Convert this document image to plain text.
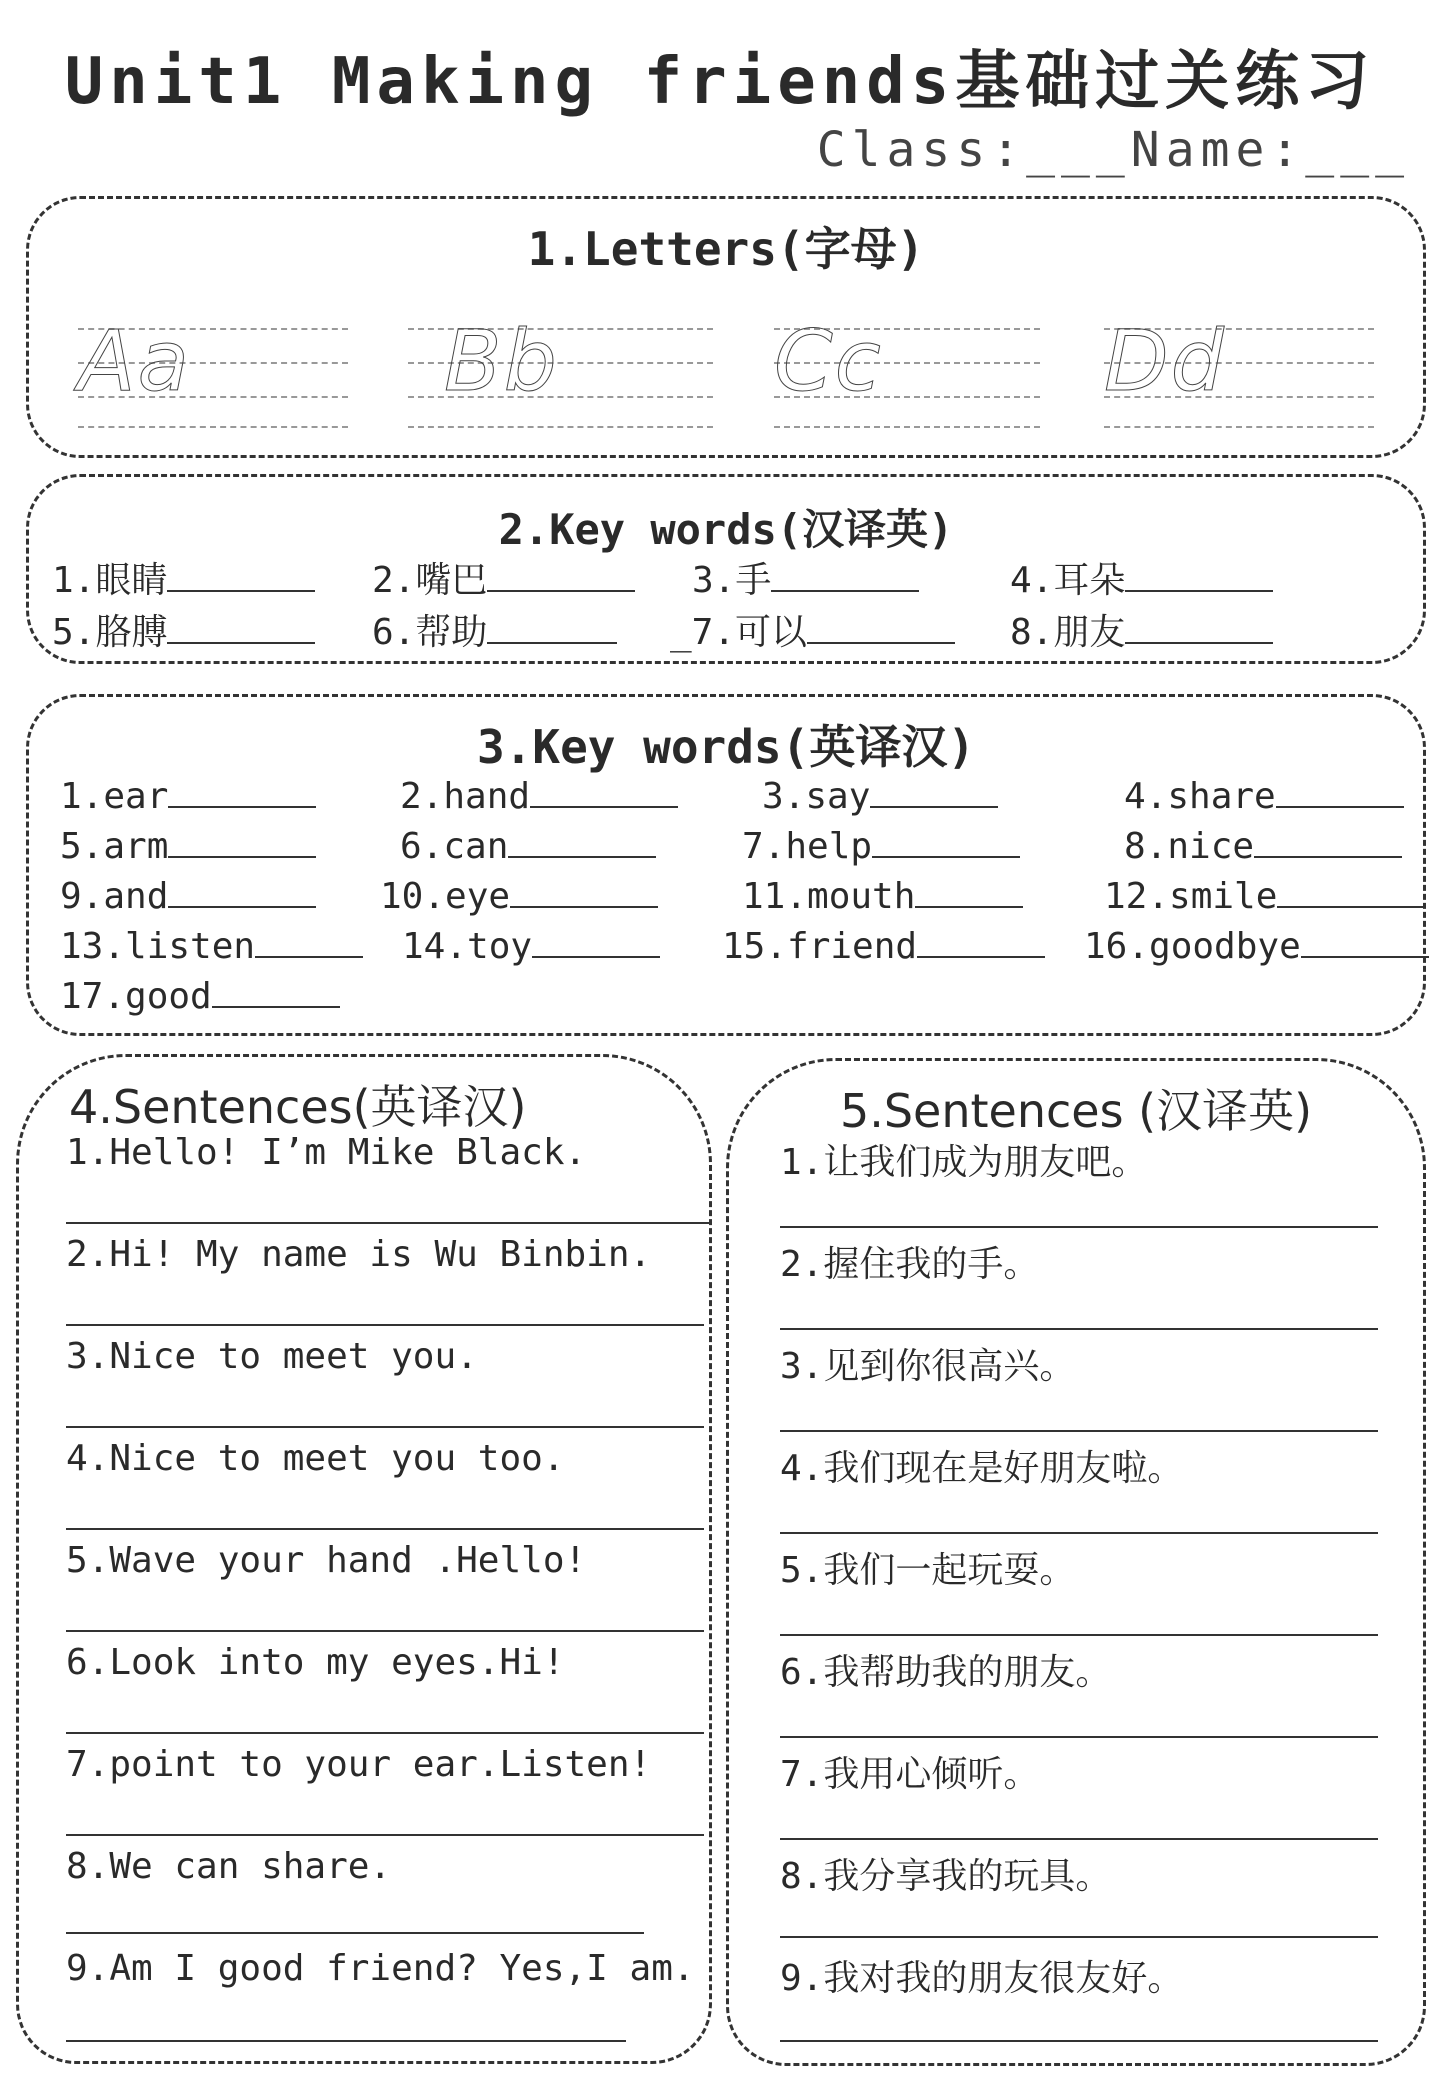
Unit1 Making friends基础过关练习
Class:___Name:___
1.Letters(字母)
Aa	Bb	Cc	Dd
2.Key words(汉译英)
1.眼睛	2.嘴巴	3.手	4.耳朵
5.胳膊	6.帮助	_7.可以	8.朋友
3.Key words(英译汉)
1.ear	2.hand	3.say	4.share
5.arm	6.can	7.help	8.nice
9.and	10.eye	11.mouth	12.smile
13.listen	14.toy	15.friend	16.goodbye
17.good
4.Sentences(英译汉)
1.Hello! I’m Mike Black.
2.Hi! My name is Wu Binbin.
3.Nice to meet you.
4.Nice to meet you too.
5.Wave your hand .Hello!
6.Look into my eyes.Hi!
7.point to your ear.Listen!
8.We can share.
9.Am I good friend? Yes,I am.
5.Sentences (汉译英)
1.让我们成为朋友吧。
2.握住我的手。
3.见到你很高兴。
4.我们现在是好朋友啦。
5.我们一起玩耍。
6.我帮助我的朋友。
7.我用心倾听。
8.我分享我的玩具。
9.我对我的朋友很友好。
